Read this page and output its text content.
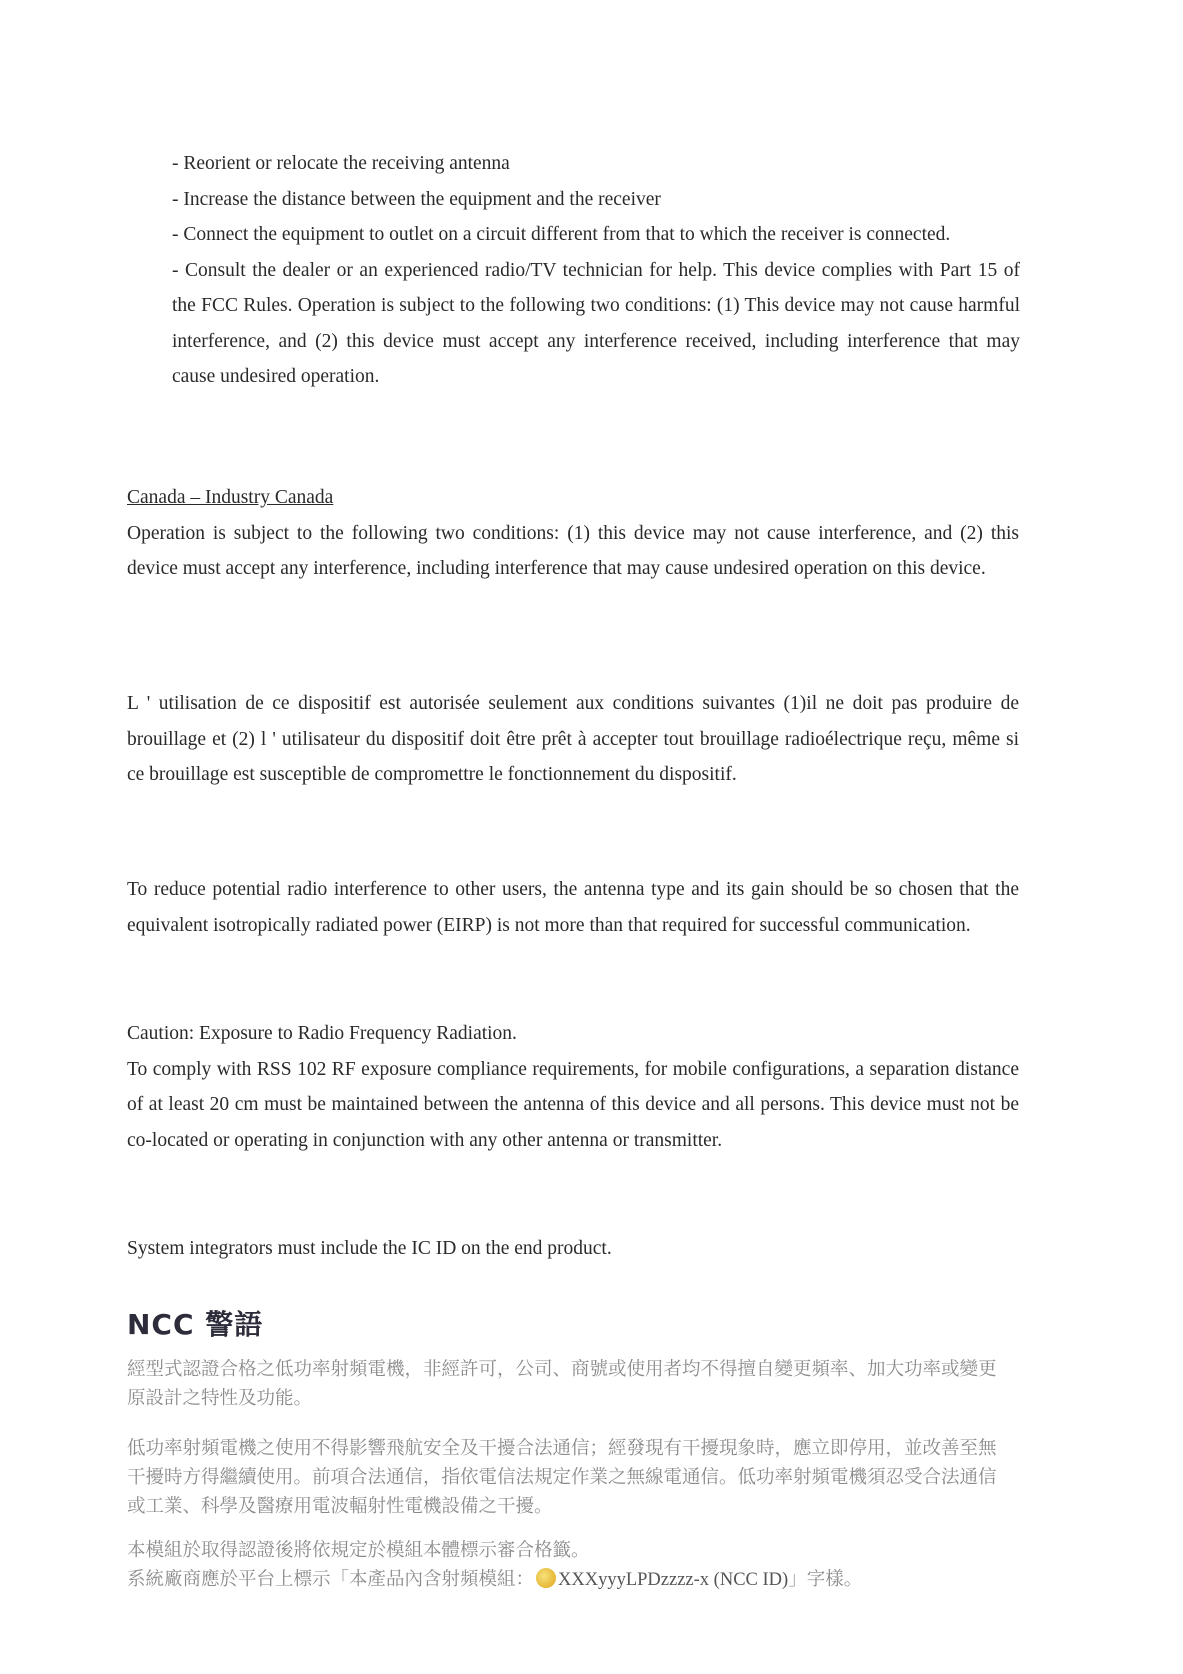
- Reorient or relocate the receiving antenna

- Increase the distance between the equipment and the receiver

- Connect the equipment to outlet on a circuit different from that to which the receiver is connected.

- Consult the dealer or an experienced radio/TV technician for help. This device complies with Part 15 of the FCC Rules. Operation is subject to the following two conditions: (1) This device may not cause harmful interference, and (2) this device must accept any interference received, including interference that may cause undesired operation.

Canada – Industry Canada

Operation is subject to the following two conditions: (1) this device may not cause interference, and (2) this device must accept any interference, including interference that may cause undesired operation on this device.

L ' utilisation de ce dispositif est autorisée seulement aux conditions suivantes (1)il ne doit pas produire de brouillage et (2) l ' utilisateur du dispositif doit être prêt à accepter tout brouillage radioélectrique reçu, même si ce brouillage est susceptible de compromettre le fonctionnement du dispositif.

To reduce potential radio interference to other users, the antenna type and its gain should be so chosen that the equivalent isotropically radiated power (EIRP) is not more than that required for successful communication.

Caution: Exposure to Radio Frequency Radiation.

To comply with RSS 102 RF exposure compliance requirements, for mobile configurations, a separation distance of at least 20 cm must be maintained between the antenna of this device and all persons. This device must not be co-located or operating in conjunction with any other antenna or transmitter.

System integrators must include the IC ID on the end product.

NCC 警語

經型式認證合格之低功率射頻電機，非經許可，公司、商號或使用者均不得擅自變更頻率、加大功率或變更原設計之特性及功能。

低功率射頻電機之使用不得影響飛航安全及干擾合法通信；經發現有干擾現象時，應立即停用，並改善至無干擾時方得繼續使用。前項合法通信，指依電信法規定作業之無線電通信。低功率射頻電機須忍受合法通信或工業、科學及醫療用電波輻射性電機設備之干擾。

本模組於取得認證後將依規定於模組本體標示審合格籤。

系統廠商應於平台上標示「本產品內含射頻模組： XXXyyyLPDzzzz-x (NCC ID)」字樣。
